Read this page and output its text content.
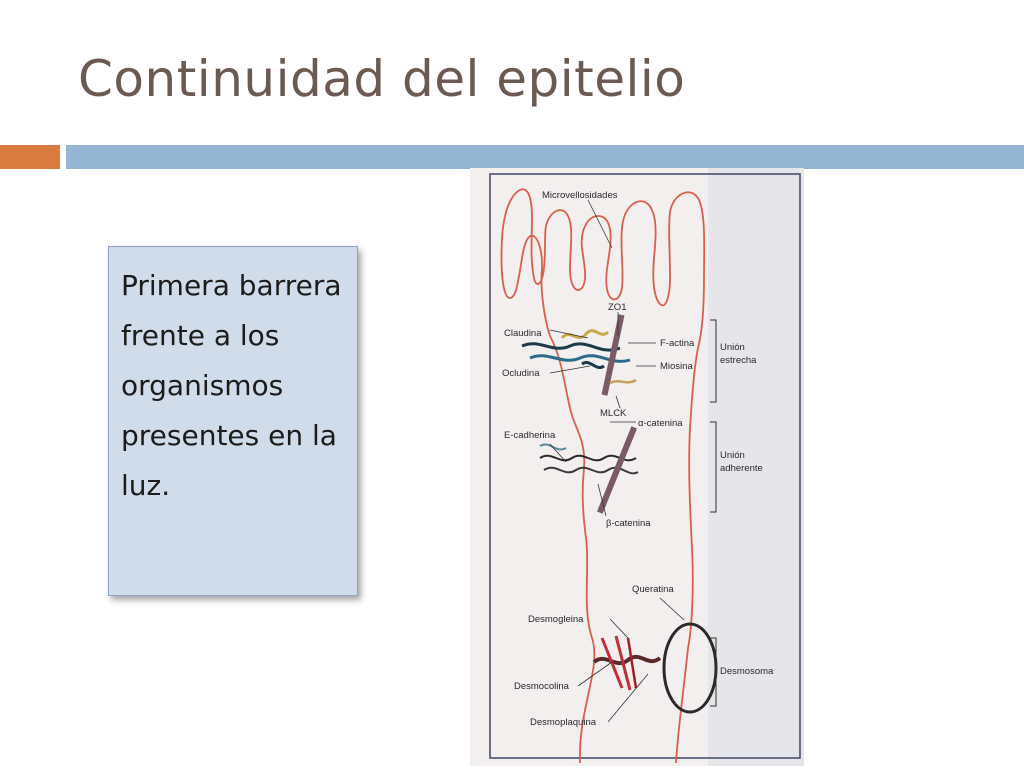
Continuidad del epitelio
Primera barrera frente a los organismos presentes en la luz.
Microvellosidades
ZO1
Claudina
F-actina
Ocludina
Miosina
MLCK
α-catenina
E-cadherina
β-catenina
Queratina
Desmogleina
Desmocolina
Desmoplaquina
Unión
estrecha
Unión
adherente
Desmosoma
